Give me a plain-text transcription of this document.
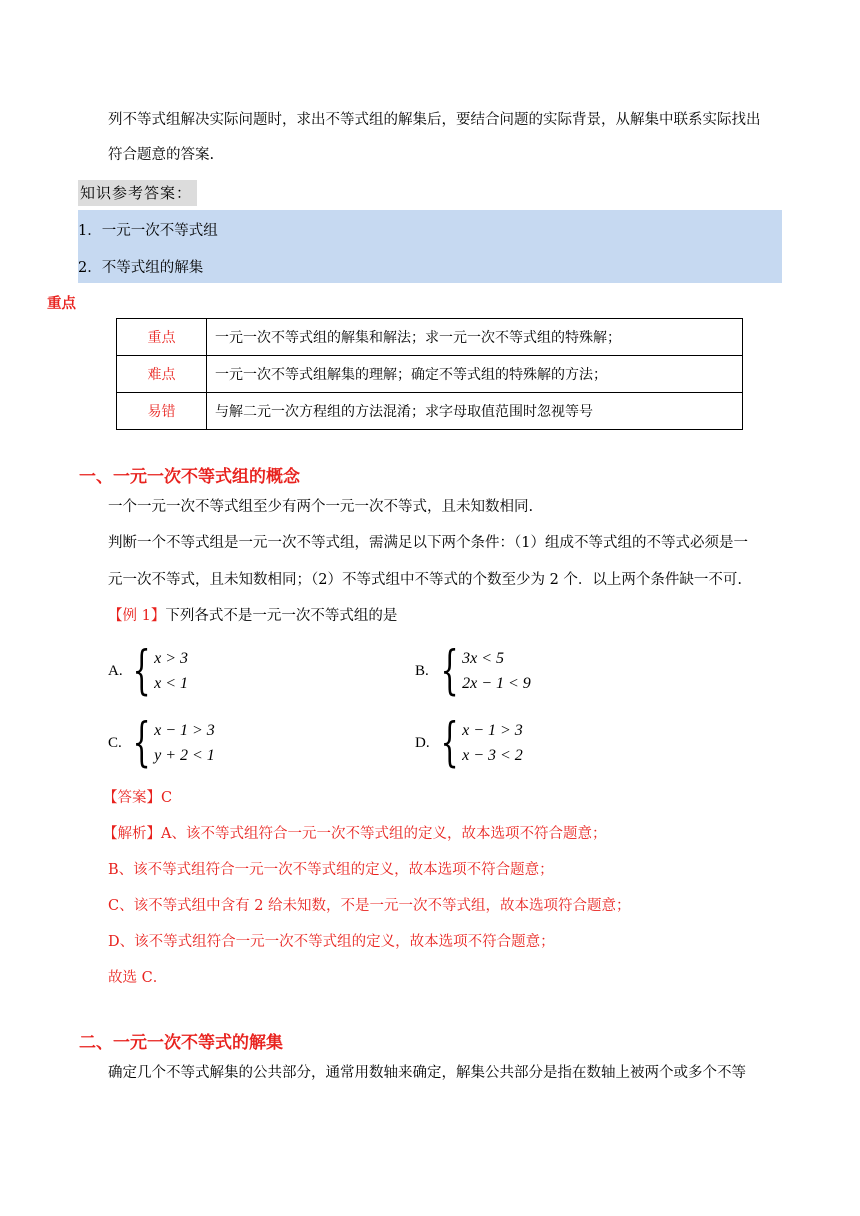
列不等式组解决实际问题时，求出不等式组的解集后，要结合问题的实际背景，从解集中联系实际找出
符合题意的答案.
知识参考答案：
1．一元一次不等式组
2．不等式组的解集
重点
重点	一元一次不等式组的解集和解法；求一元一次不等式组的特殊解；
难点	一元一次不等式组解集的理解；确定不等式组的特殊解的方法；
易错	与解二元一次方程组的方法混淆；求字母取值范围时忽视等号
一、一元一次不等式组的概念
一个一元一次不等式组至少有两个一元一次不等式，且未知数相同.
判断一个不等式组是一元一次不等式组，需满足以下两个条件：（1）组成不等式组的不等式必须是一
元一次不等式，且未知数相同；（2）不等式组中不等式的个数至少为 2 个．以上两个条件缺一不可.
【例 1】下列各式不是一元一次不等式组的是
A. { x > 3
x < 1
B. { 3x < 5
2x − 1 < 9
C. { x − 1 > 3
y + 2 < 1
D. { x − 1 > 3
x − 3 < 2
【答案】C
【解析】A、该不等式组符合一元一次不等式组的定义，故本选项不符合题意；
B、该不等式组符合一元一次不等式组的定义，故本选项不符合题意；
C、该不等式组中含有 2 给未知数，不是一元一次不等式组，故本选项符合题意；
D、该不等式组符合一元一次不等式组的定义，故本选项不符合题意；
故选 C．
二、一元一次不等式的解集
确定几个不等式解集的公共部分，通常用数轴来确定，解集公共部分是指在数轴上被两个或多个不等
